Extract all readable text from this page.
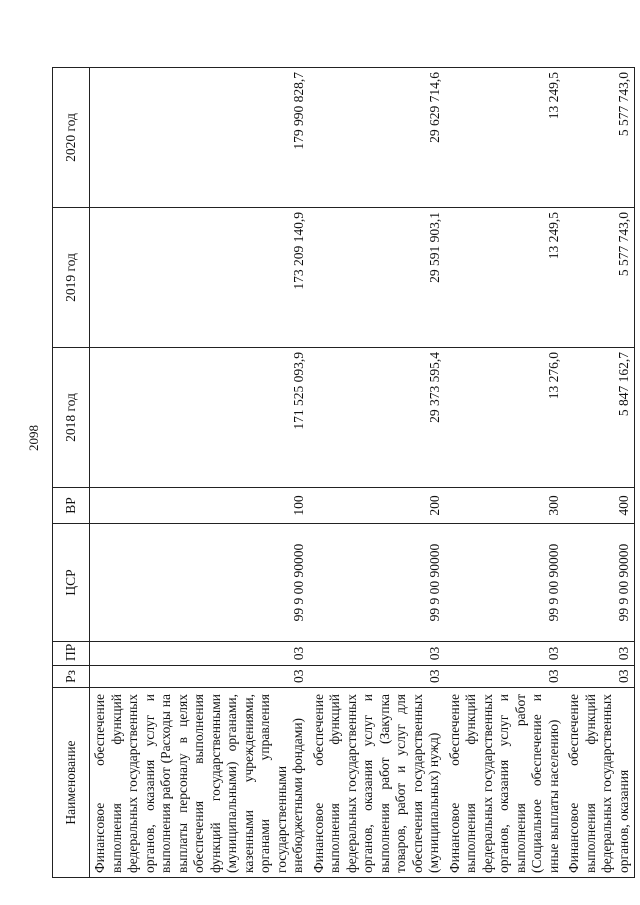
2098
Наименование	Рз	ПР	ЦСР	ВР	2018 год	2019 год	2020 год
Финансовое обеспечение выполнения функций федеральных государственных органов, оказания услуг и выполнения работ (Расходы на выплаты персоналу в целях обеспечения выполнения функций государственными (муниципальными) органами, казенными учреждениями, органами управления государственными внебюджетными фондами)	03	03	99 9 00 90000	100	171 525 093,9	173 209 140,9	179 990 828,7
Финансовое обеспечение выполнения функций федеральных государственных органов, оказания услуг и выполнения работ (Закупка товаров, работ и услуг для обеспечения государственных (муниципальных) нужд)	03	03	99 9 00 90000	200	29 373 595,4	29 591 903,1	29 629 714,6
Финансовое обеспечение выполнения функций федеральных государственных органов, оказания услуг и выполнения работ (Социальное обеспечение и иные выплаты населению)	03	03	99 9 00 90000	300	13 276,0	13 249,5	13 249,5
Финансовое обеспечение выполнения функций федеральных государственных органов, оказания	03	03	99 9 00 90000	400	5 847 162,7	5 577 743,0	5 577 743,0
